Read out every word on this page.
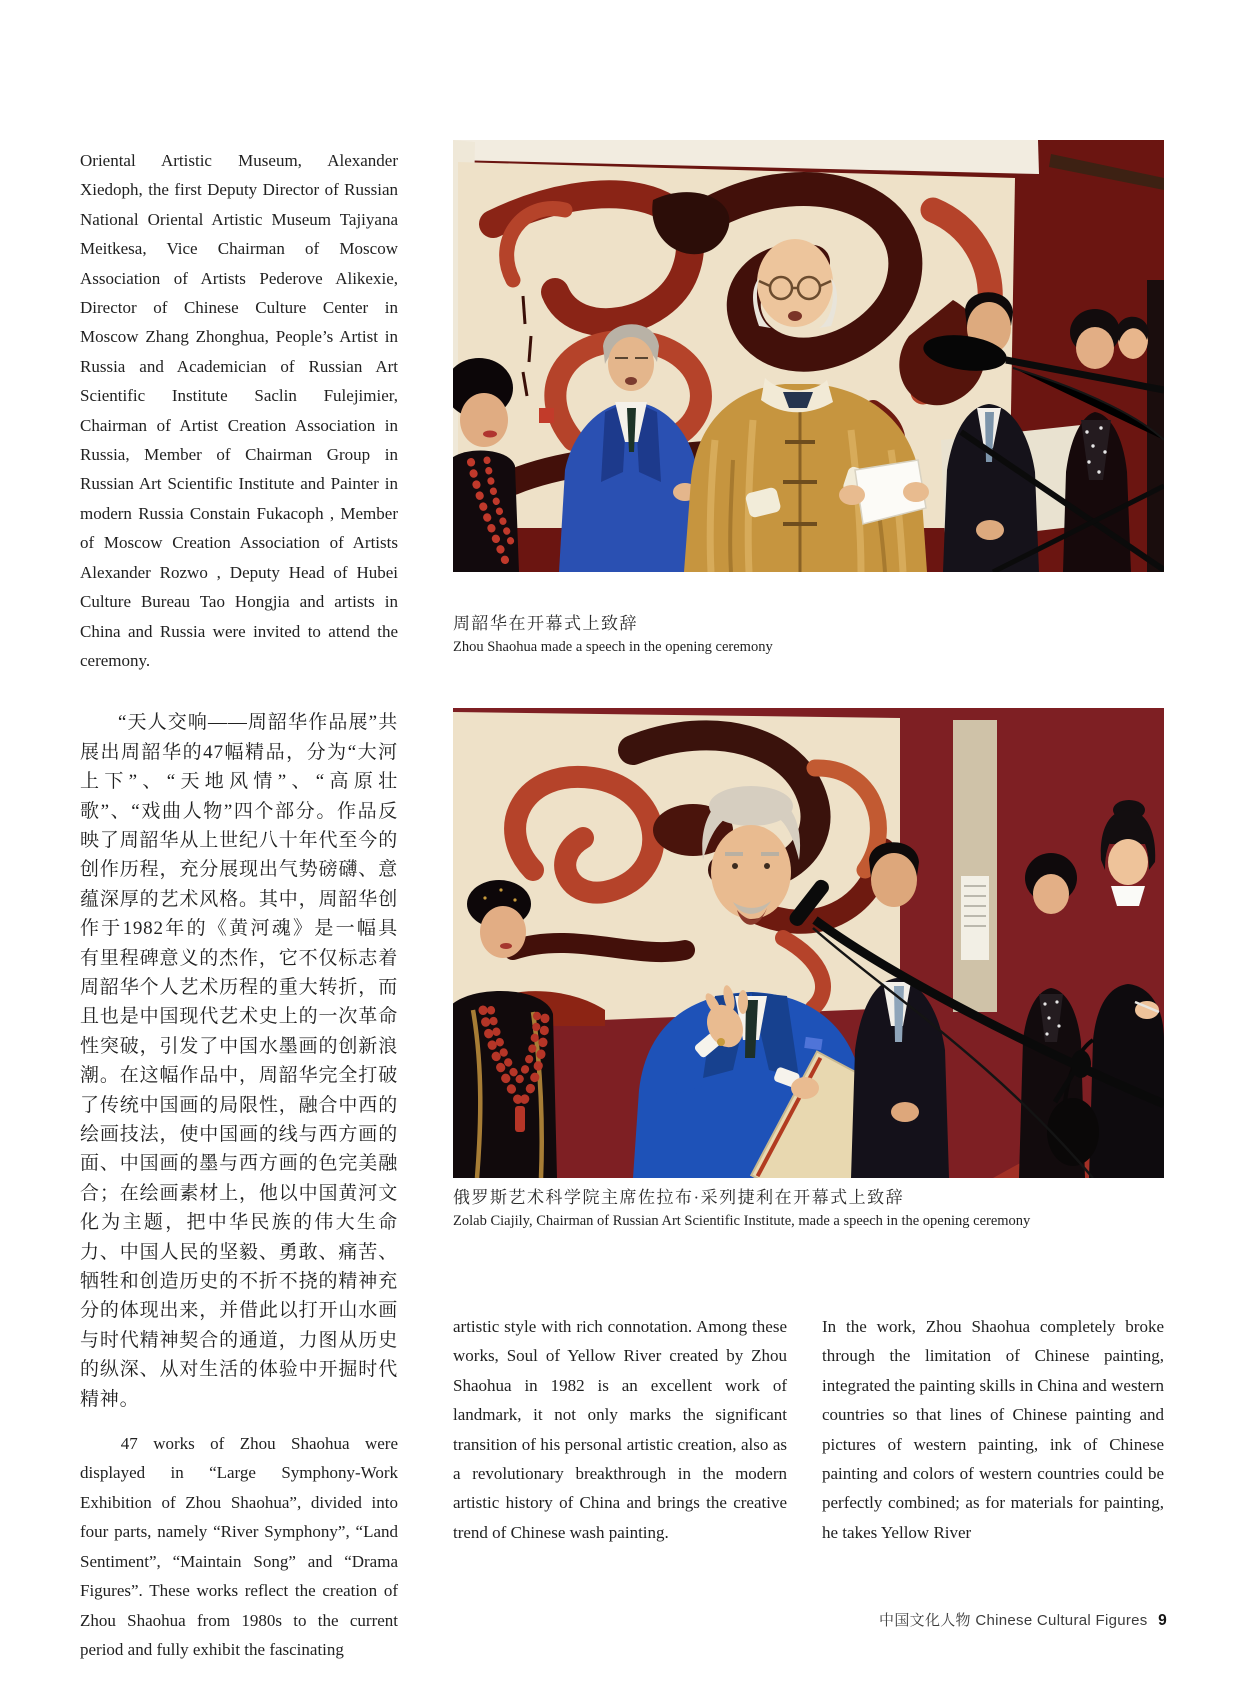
Oriental Artistic Museum, Alexander Xiedoph, the first Deputy Director of Russian National Oriental Artistic Museum Tajiyana Meitkesa, Vice Chairman of Moscow Association of Artists Pederove Alikexie, Director of Chinese Culture Center in Moscow Zhang Zhonghua, People’s Artist in Russia and Academician of Russian Art Scientific Institute Saclin Fulejimier, Chairman of Artist Creation Association in Russia, Member of Chairman Group in Russian Art Scientific Institute and Painter in modern Russia Constain Fukacoph , Member of Moscow Creation Association of Artists Alexander Rozwo , Deputy Head of Hubei Culture Bureau Tao Hongjia and artists in China and Russia were invited to attend the ceremony.

“天人交响——周韶华作品展”共展出周韶华的47幅精品，分为“大河上下”、“天地风情”、“高原壮歌”、“戏曲人物”四个部分。作品反映了周韶华从上世纪八十年代至今的创作历程，充分展现出气势磅礴、意蕴深厚的艺术风格。其中，周韶华创作于1982年的《黄河魂》是一幅具有里程碑意义的杰作，它不仅标志着周韶华个人艺术历程的重大转折，而且也是中国现代艺术史上的一次革命性突破，引发了中国水墨画的创新浪潮。在这幅作品中，周韶华完全打破了传统中国画的局限性，融合中西的绘画技法，使中国画的线与西方画的面、中国画的墨与西方画的色完美融合；在绘画素材上，他以中国黄河文化为主题，把中华民族的伟大生命力、中国人民的坚毅、勇敢、痛苦、牺牲和创造历史的不折不挠的精神充分的体现出来，并借此以打开山水画与时代精神契合的通道，力图从历史的纵深、从对生活的体验中开掘时代精神。

47 works of Zhou Shaohua were displayed in “Large Symphony-Work Exhibition of Zhou Shaohua”, divided into four parts, namely “River Symphony”, “Land Sentiment”, “Maintain Song” and “Drama Figures”. These works reflect the creation of Zhou Shaohua from 1980s to the current period and fully exhibit the fascinating

周韶华在开幕式上致辞
Zhou Shaohua made a speech in the opening ceremony
俄罗斯艺术科学院主席佐拉布·采列捷利在开幕式上致辞
Zolab Ciajily, Chairman of Russian Art Scientific Institute, made a speech in the opening ceremony

artistic style with rich connotation. Among these works, Soul of Yellow River created by Zhou Shaohua in 1982 is an excellent work of landmark, it not only marks the significant transition of his personal artistic creation, also as a revolutionary breakthrough in the modern artistic history of China and brings the creative trend of Chinese wash painting.

In the work, Zhou Shaohua completely broke through the limitation of Chinese painting, integrated the painting skills in China and western countries so that lines of Chinese painting and pictures of western painting, ink of Chinese painting and colors of western countries could be perfectly combined; as for materials for painting, he takes Yellow River

中国文化人物 Chinese Cultural Figures 9
